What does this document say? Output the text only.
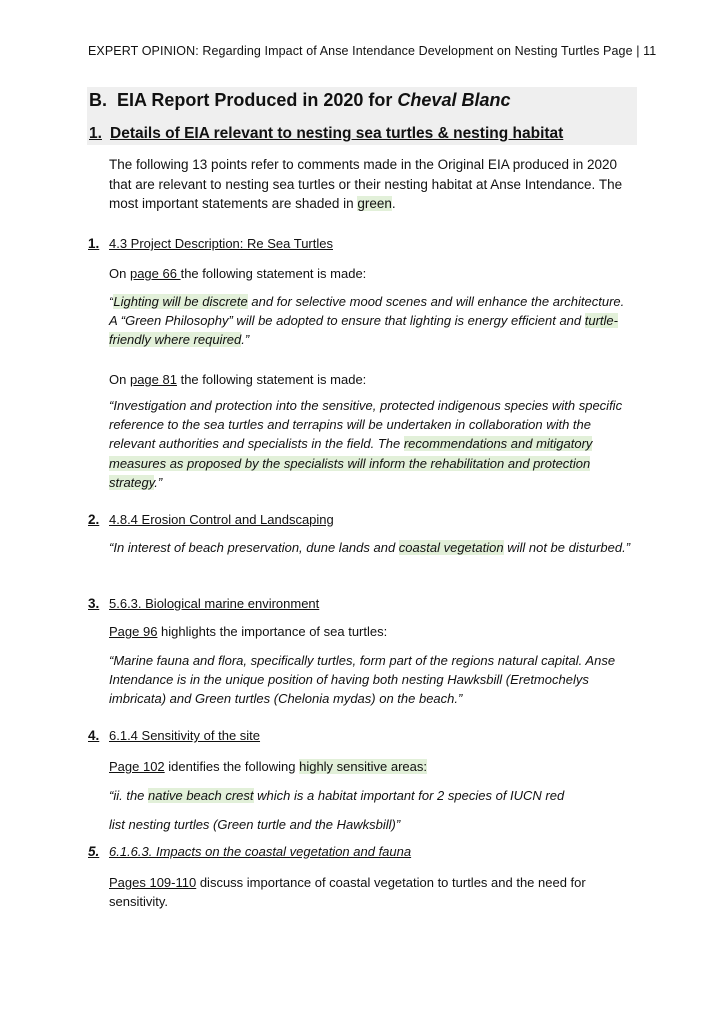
EXPERT OPINION: Regarding Impact of Anse Intendance Development on Nesting Turtles Page | 11
B. EIA Report Produced in 2020 for Cheval Blanc
1. Details of EIA relevant to nesting sea turtles & nesting habitat
The following 13 points refer to comments made in the Original EIA produced in 2020 that are relevant to nesting sea turtles or their nesting habitat at Anse Intendance. The most important statements are shaded in green.
1. 4.3 Project Description: Re Sea Turtles
On page 66 the following statement is made:
“Lighting will be discrete and for selective mood scenes and will enhance the architecture. A “Green Philosophy” will be adopted to ensure that lighting is energy efficient and turtle-friendly where required.”
On page 81 the following statement is made:
“Investigation and protection into the sensitive, protected indigenous species with specific reference to the sea turtles and terrapins will be undertaken in collaboration with the relevant authorities and specialists in the field. The recommendations and mitigatory measures as proposed by the specialists will inform the rehabilitation and protection strategy.”
2. 4.8.4 Erosion Control and Landscaping
“In interest of beach preservation, dune lands and coastal vegetation will not be disturbed.”
3. 5.6.3. Biological marine environment
Page 96 highlights the importance of sea turtles:
“Marine fauna and flora, specifically turtles, form part of the regions natural capital. Anse Intendance is in the unique position of having both nesting Hawksbill (Eretmochelys imbricata) and Green turtles (Chelonia mydas) on the beach.”
4. 6.1.4 Sensitivity of the site
Page 102 identifies the following highly sensitive areas:
“ii. the native beach crest which is a habitat important for 2 species of IUCN red
list nesting turtles (Green turtle and the Hawksbill)”
5. 6.1.6.3. Impacts on the coastal vegetation and fauna
Pages 109-110 discuss importance of coastal vegetation to turtles and the need for sensitivity.
